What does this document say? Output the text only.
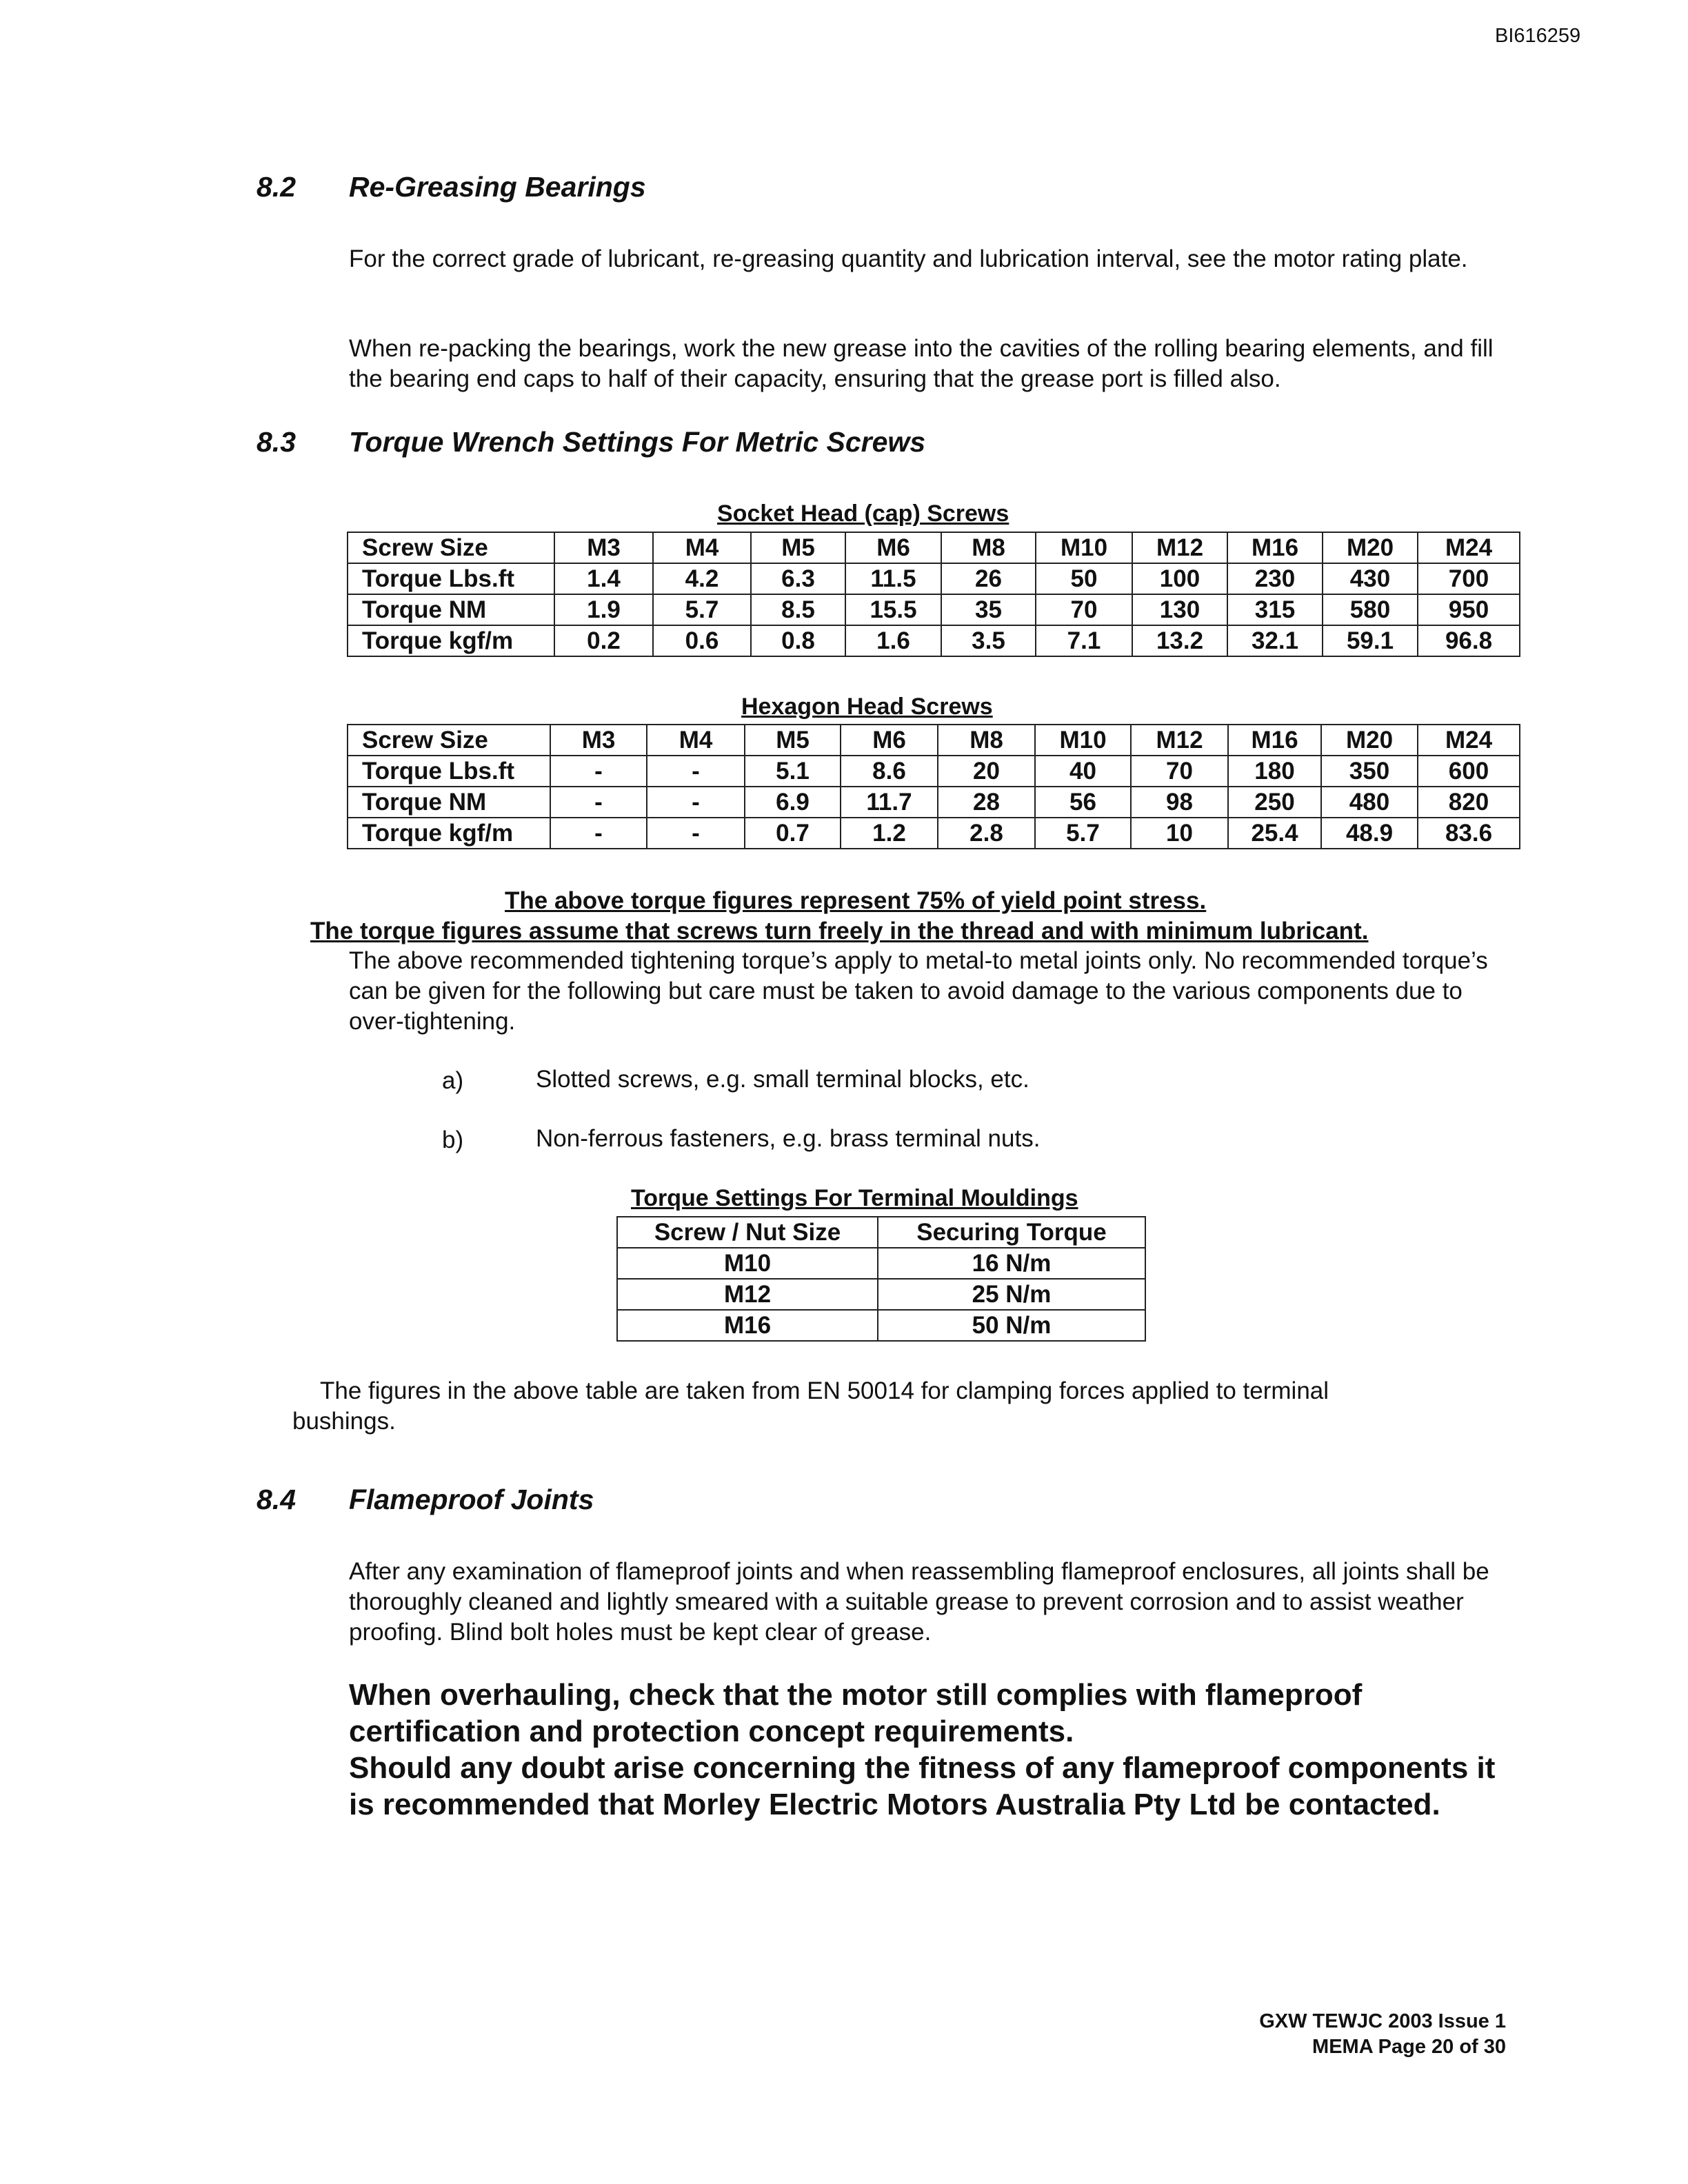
BI616259
8.2 Re-Greasing Bearings
For the correct grade of lubricant, re-greasing quantity and lubrication interval, see the motor rating plate.
When re-packing the bearings, work the new grease into the cavities of the rolling bearing elements, and fill the bearing end caps to half of their capacity, ensuring that the grease port is filled also.
8.3 Torque Wrench Settings For Metric Screws
Socket Head (cap) Screws
Screw Size	M3	M4	M5	M6	M8	M10	M12	M16	M20	M24
Torque Lbs.ft	1.4	4.2	6.3	11.5	26	50	100	230	430	700
Torque NM	1.9	5.7	8.5	15.5	35	70	130	315	580	950
Torque kgf/m	0.2	0.6	0.8	1.6	3.5	7.1	13.2	32.1	59.1	96.8
Hexagon Head Screws
Screw Size	M3	M4	M5	M6	M8	M10	M12	M16	M20	M24
Torque Lbs.ft	-	-	5.1	8.6	20	40	70	180	350	600
Torque NM	-	-	6.9	11.7	28	56	98	250	480	820
Torque kgf/m	-	-	0.7	1.2	2.8	5.7	10	25.4	48.9	83.6
The above torque figures represent 75% of yield point stress.
The torque figures assume that screws turn freely in the thread and with minimum lubricant.
The above recommended tightening torque’s apply to metal-to metal joints only. No recommended torque’s can be given for the following but care must be taken to avoid damage to the various components due to over-tightening.
a)	Slotted screws, e.g. small terminal blocks, etc.
b)	Non-ferrous fasteners, e.g. brass terminal nuts.
Torque Settings For Terminal Mouldings
Screw / Nut Size	Securing Torque
M10	16 N/m
M12	25 N/m
M16	50 N/m
The figures in the above table are taken from EN 50014 for clamping forces applied to terminal bushings.
8.4 Flameproof Joints
After any examination of flameproof joints and when reassembling flameproof enclosures, all joints shall be thoroughly cleaned and lightly smeared with a suitable grease to prevent corrosion and to assist weather proofing. Blind bolt holes must be kept clear of grease.
When overhauling, check that the motor still complies with flameproof certification and protection concept requirements.
Should any doubt arise concerning the fitness of any flameproof components it is recommended that Morley Electric Motors Australia Pty Ltd be contacted.
GXW TEWJC 2003 Issue 1
MEMA Page 20 of 30
